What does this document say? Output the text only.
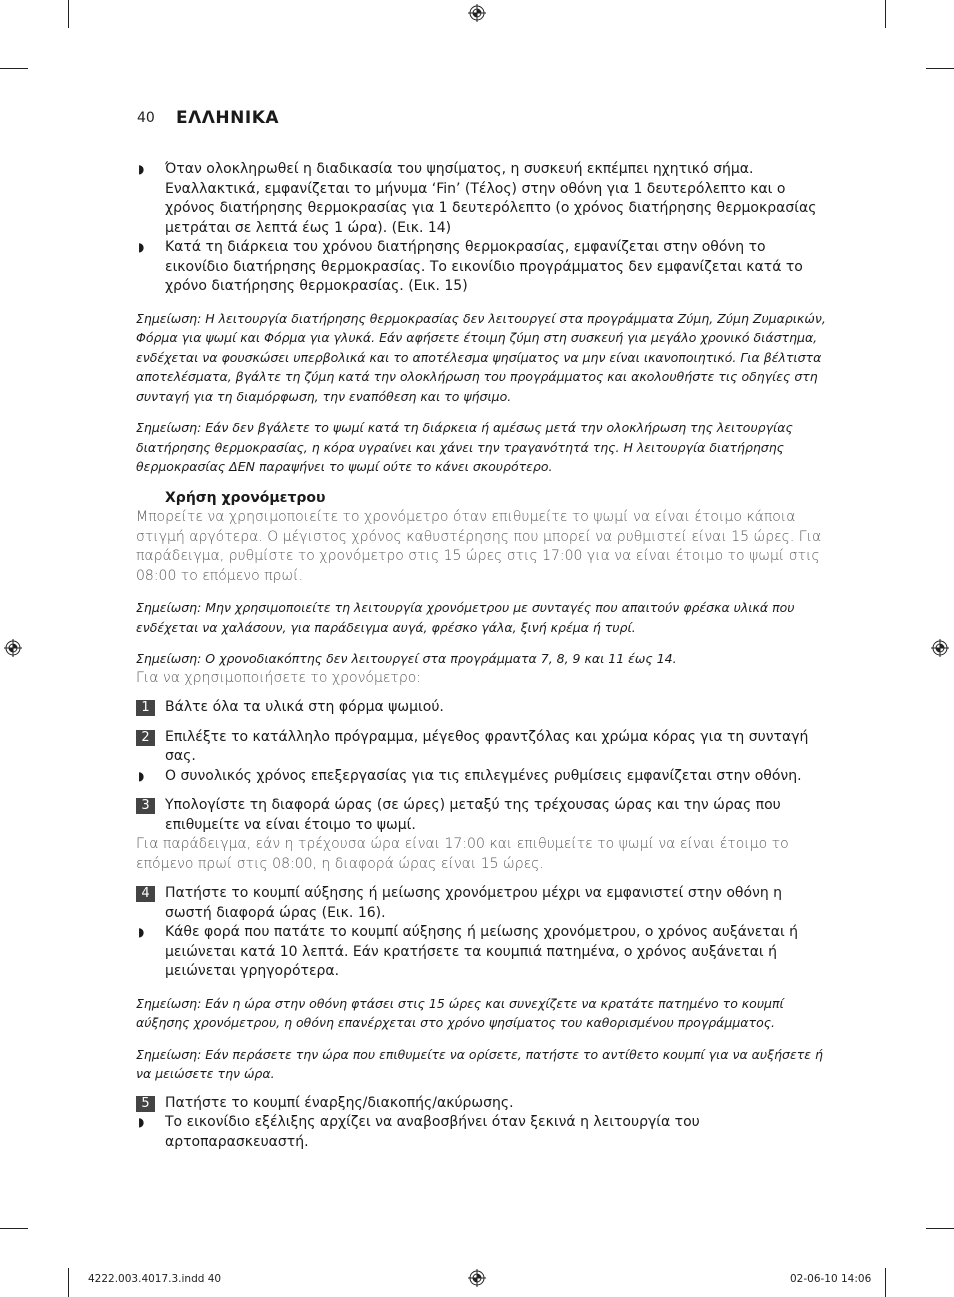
40 ΕΛΛΗΝΙΚΑ
◗ Όταν ολοκληρωθεί η διαδικασία του ψησίματος, η συσκευή εκπέμπει ηχητικό σήμα. Εναλλακτικά, εμφανίζεται το μήνυμα ‘Fin’ (Τέλος) στην οθόνη για 1 δευτερόλεπτο και ο χρόνος διατήρησης θερμοκρασίας για 1 δευτερόλεπτο (ο χρόνος διατήρησης θερμοκρασίας μετράται σε λεπτά έως 1 ώρα). (Εικ. 14)
◗ Κατά τη διάρκεια του χρόνου διατήρησης θερμοκρασίας, εμφανίζεται στην οθόνη το εικονίδιο διατήρησης θερμοκρασίας. Το εικονίδιο προγράμματος δεν εμφανίζεται κατά το χρόνο διατήρησης θερμοκρασίας. (Εικ. 15)

Σημείωση: Η λειτουργία διατήρησης θερμοκρασίας δεν λειτουργεί στα προγράμματα Ζύμη, Ζύμη Ζυμαρικών, Φόρμα για ψωμί και Φόρμα για γλυκά. Εάν αφήσετε έτοιμη ζύμη στη συσκευή για μεγάλο χρονικό διάστημα, ενδέχεται να φουσκώσει υπερβολικά και το αποτέλεσμα ψησίματος να μην είναι ικανοποιητικό. Για βέλτιστα αποτελέσματα, βγάλτε τη ζύμη κατά την ολοκλήρωση του προγράμματος και ακολουθήστε τις οδηγίες στη συνταγή για τη διαμόρφωση, την εναπόθεση και το ψήσιμο.

Σημείωση: Εάν δεν βγάλετε το ψωμί κατά τη διάρκεια ή αμέσως μετά την ολοκλήρωση της λειτουργίας διατήρησης θερμοκρασίας, η κόρα υγραίνει και χάνει την τραγανότητά της. Η λειτουργία διατήρησης θερμοκρασίας ΔΕΝ παραψήνει το ψωμί ούτε το κάνει σκουρότερο.

Χρήση χρονόμετρου

Μπορείτε να χρησιμοποιείτε το χρονόμετρο όταν επιθυμείτε το ψωμί να είναι έτοιμο κάποια στιγμή αργότερα. Ο μέγιστος χρόνος καθυστέρησης που μπορεί να ρυθμιστεί είναι 15 ώρες. Για παράδειγμα, ρυθμίστε το χρονόμετρο στις 15 ώρες στις 17:00 για να είναι έτοιμο το ψωμί στις 08:00 το επόμενο πρωί.

Σημείωση: Μην χρησιμοποιείτε τη λειτουργία χρονόμετρου με συνταγές που απαιτούν φρέσκα υλικά που ενδέχεται να χαλάσουν, για παράδειγμα αυγά, φρέσκο γάλα, ξινή κρέμα ή τυρί.

Σημείωση: Ο χρονοδιακόπτης δεν λειτουργεί στα προγράμματα 7, 8, 9 και 11 έως 14.

Για να χρησιμοποιήσετε το χρονόμετρο:

1	Βάλτε όλα τα υλικά στη φόρμα ψωμιού.
2	Επιλέξτε το κατάλληλο πρόγραμμα, μέγεθος φραντζόλας και χρώμα κόρας για τη συνταγή σας.
◗ Ο συνολικός χρόνος επεξεργασίας για τις επιλεγμένες ρυθμίσεις εμφανίζεται στην οθόνη.
3	Υπολογίστε τη διαφορά ώρας (σε ώρες) μεταξύ της τρέχουσας ώρας και την ώρας που επιθυμείτε να είναι έτοιμο το ψωμί.

Για παράδειγμα, εάν η τρέχουσα ώρα είναι 17:00 και επιθυμείτε το ψωμί να είναι έτοιμο το επόμενο πρωί στις 08:00, η διαφορά ώρας είναι 15 ώρες.

4	Πατήστε το κουμπί αύξησης ή μείωσης χρονόμετρου μέχρι να εμφανιστεί στην οθόνη η σωστή διαφορά ώρας (Εικ. 16).
◗ Κάθε φορά που πατάτε το κουμπί αύξησης ή μείωσης χρονόμετρου, ο χρόνος αυξάνεται ή μειώνεται κατά 10 λεπτά. Εάν κρατήσετε τα κουμπιά πατημένα, ο χρόνος αυξάνεται ή μειώνεται γρηγορότερα.

Σημείωση: Εάν η ώρα στην οθόνη φτάσει στις 15 ώρες και συνεχίζετε να κρατάτε πατημένο το κουμπί αύξησης χρονόμετρου, η οθόνη επανέρχεται στο χρόνο ψησίματος του καθορισμένου προγράμματος.

Σημείωση: Εάν περάσετε την ώρα που επιθυμείτε να ορίσετε, πατήστε το αντίθετο κουμπί για να αυξήσετε ή να μειώσετε την ώρα.

5	Πατήστε το κουμπί έναρξης/διακοπής/ακύρωσης.
◗ Το εικονίδιο εξέλιξης αρχίζει να αναβοσβήνει όταν ξεκινά η λειτουργία του αρτοπαρασκευαστή.
4222.003.4017.3.indd 40	02-06-10 14:06
